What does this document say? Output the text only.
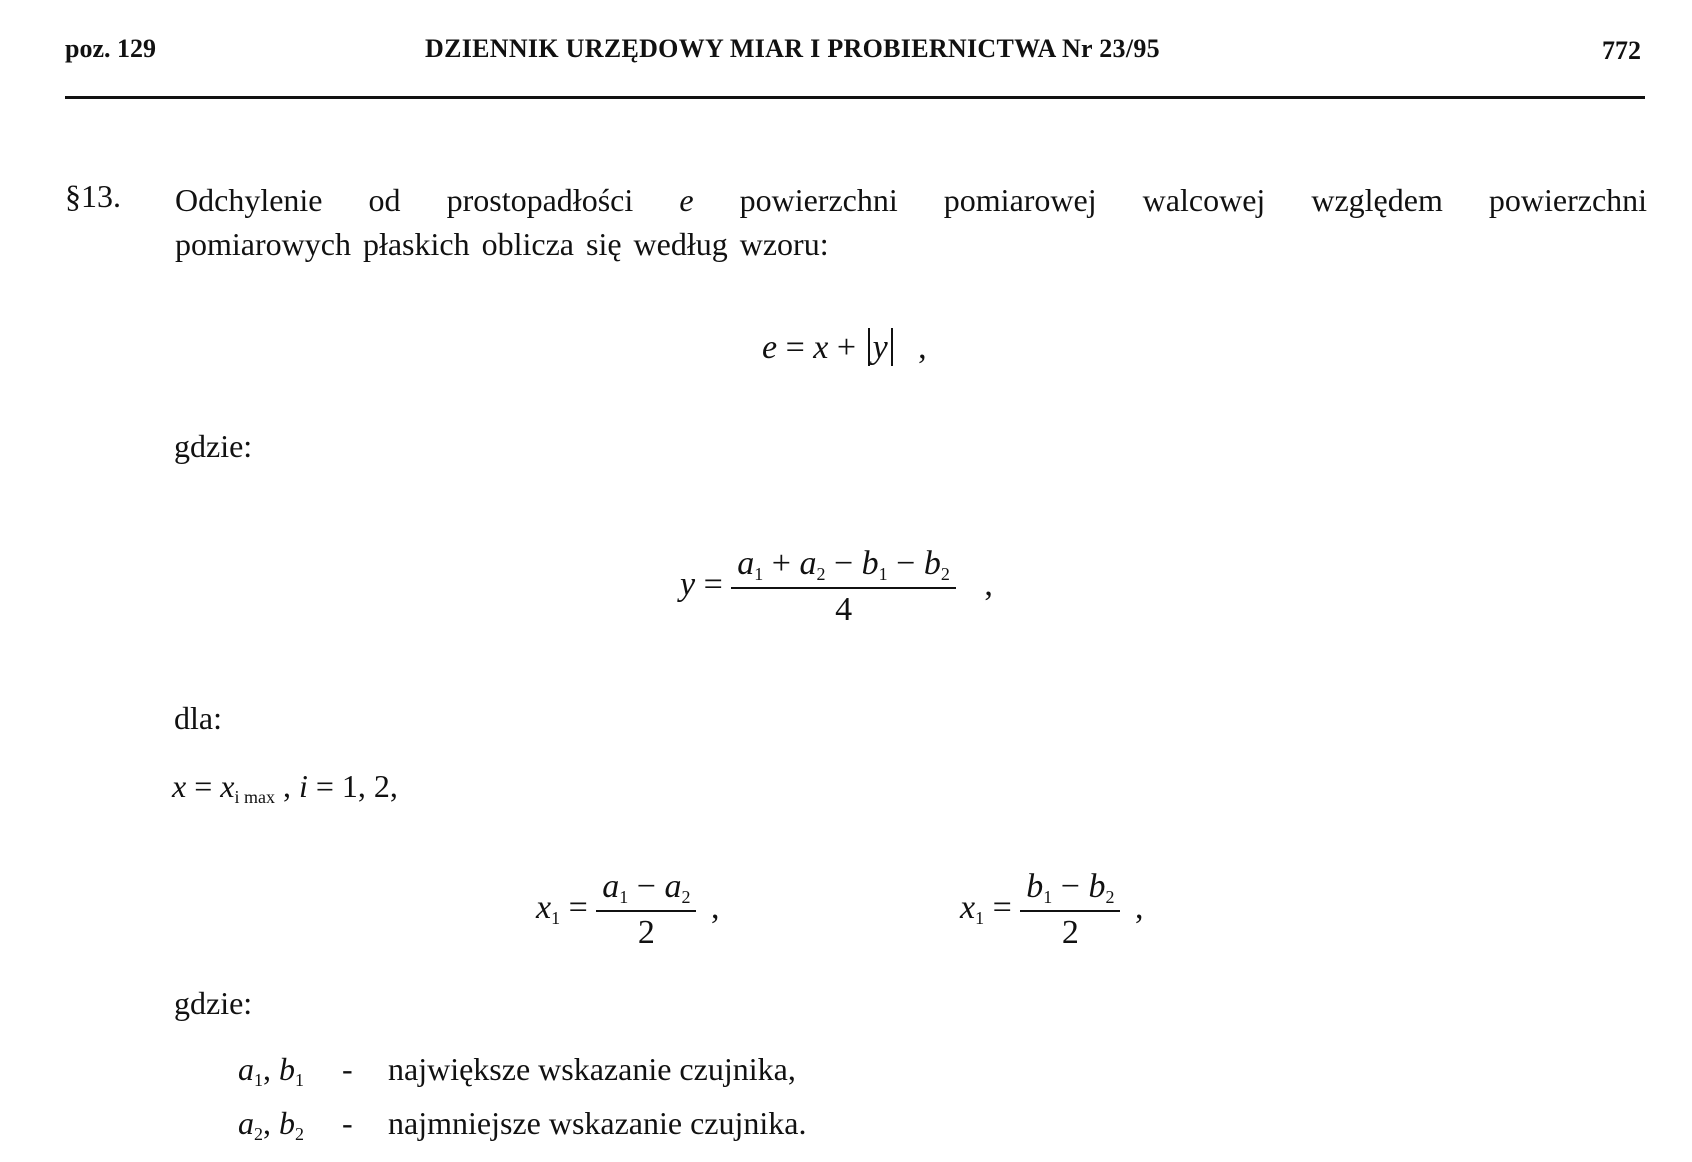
poz. 129	DZIENNIK URZĘDOWY MIAR I PROBIERNICTWA Nr 23/95	772
§13. Odchylenie od prostopadłości e powierzchni pomiarowej walcowej względem powierzchni
pomiarowych płaskich oblicza się według wzoru:
e = x + y ,
gdzie:
$y = \frac{a_1 + a_2 - b_1 - b_2}{4}$ ,
dla:
$x = x_{i max}$ , i = 1, 2,
$x_1 = \frac{a_1 - a_2}{2}$ ,	$x_1 = \frac{b_1 - b_2}{2}$ ,
gdzie:
$a_1$, $b_1$ - największe wskazanie czujnika,
$a_2$, $b_2$ - najmniejsze wskazanie czujnika.
